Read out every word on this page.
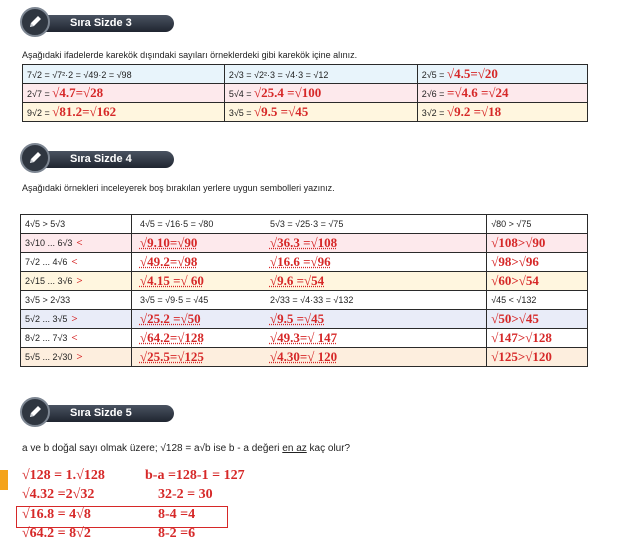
Sıra Sizde 3
Aşağıdaki ifadelerde karekök dışındaki sayıları örneklerdeki gibi karekök içine alınız.
7√2 = √7²·2 = √49·2 = √98	2√3 = √2²·3 = √4·3 = √12	2√5 = √4.5=√20
2√7 = √4.7=√28	5√4 = √25.4 =√100	2√6 = =√4.6 =√24
9√2 = √81.2=√162	3√5 = √9.5 =√45	3√2 = √9.2 =√18
Sıra Sizde 4
Aşağıdaki örnekleri inceleyerek boş bırakılan yerlere uygun sembolleri yazınız.
4√5 > 5√3	4√5 = √16·5 = √80 5√3 = √25·3 = √75	√80 > √75
3√10 ... 6√3 <	√9.10=√90 √36.3 =√108	√108>√90
7√2 ... 4√6 <	√49.2=√98 √16.6 =√96	√98>√96
2√15 ... 3√6 >	√4.15 =√ 60 √9.6 =√54	√60>√54
3√5 > 2√33	3√5 = √9·5 = √45 2√33 = √4·33 = √132	√45 < √132
5√2 ... 3√5 >	√25.2 =√50 √9.5 =√45	√50>√45
8√2 ... 7√3 <	√64.2=√128 √49.3=√ 147	√147>√128
5√5 ... 2√30 >	√25.5=√125 √4.30=√ 120	√125>√120
Sıra Sizde 5
a ve b doğal sayı olmak üzere; √128 = a√b ise b - a değeri en az kaç olur?
√128 = 1.√128	b-a =128-1 = 127
√4.32 =2√32	32-2 = 30
√16.8 = 4√8	8-4 =4
√64.2 = 8√2	8-2 =6
